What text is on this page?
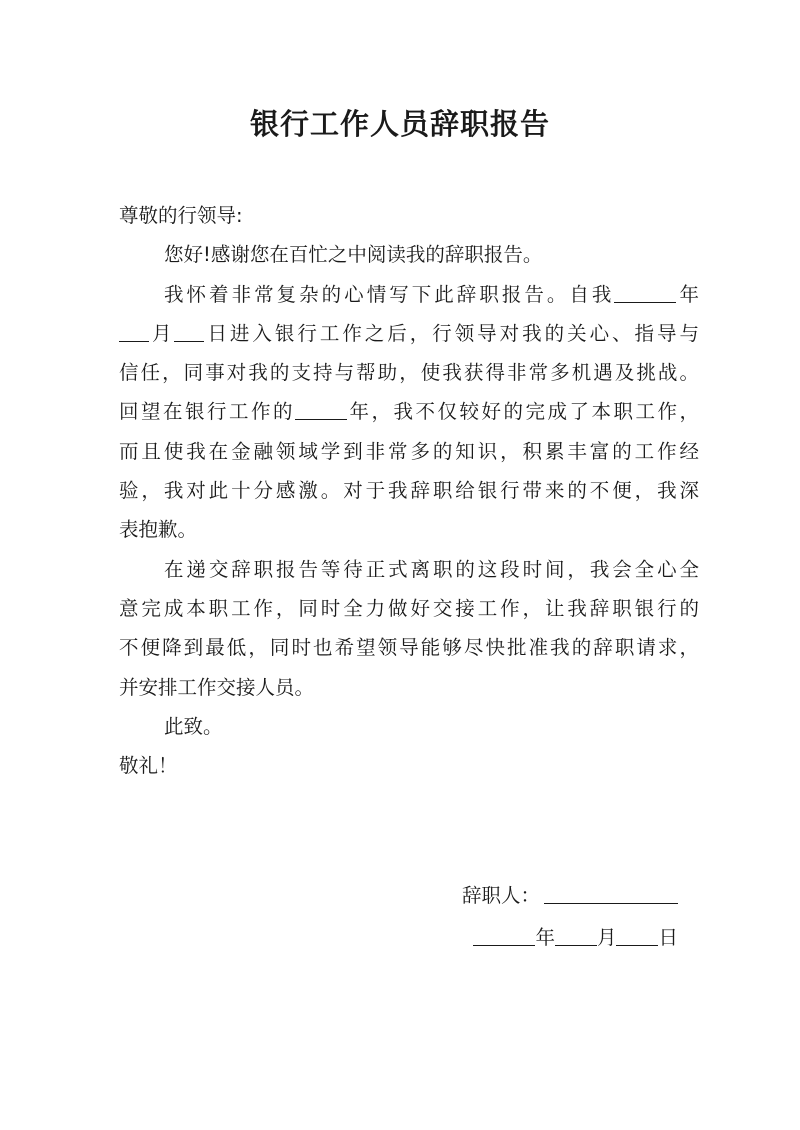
银行工作人员辞职报告
尊敬的行领导:
您好!感谢您在百忙之中阅读我的辞职报告。
我怀着非常复杂的心情写下此辞职报告。自我	年
月 日进入银行工作之后，行领导对我的关心、指导与
信任，同事对我的支持与帮助，使我获得非常多机遇及挑战。
回望在银行工作的	年，我不仅较好的完成了本职工作，
而且使我在金融领域学到非常多的知识，积累丰富的工作经
验，我对此十分感激。对于我辞职给银行带来的不便，我深
表抱歉。
在递交辞职报告等待正式离职的这段时间，我会全心全
意完成本职工作，同时全力做好交接工作，让我辞职银行的
不便降到最低，同时也希望领导能够尽快批准我的辞职请求，
并安排工作交接人员。
此致。
敬礼！
辞职人：
年 月 日
